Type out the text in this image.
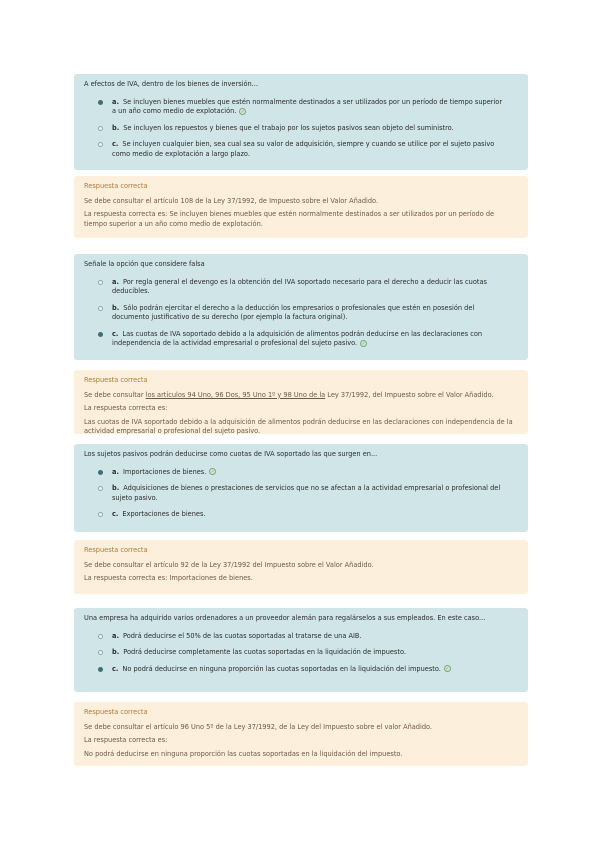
A efectos de IVA, dentro de los bienes de inversión...
a. Se incluyen bienes muebles que estén normalmente destinados a ser utilizados por un período de tiempo superior a un año como medio de explotación. ✓
b. Se incluyen los repuestos y bienes que el trabajo por los sujetos pasivos sean objeto del suministro.
c. Se incluyen cualquier bien, sea cual sea su valor de adquisición, siempre y cuando se utilice por el sujeto pasivo como medio de explotación a largo plazo.
Respuesta correcta

Se debe consultar el artículo 108 de la Ley 37/1992, de Impuesto sobre el Valor Añadido.

La respuesta correcta es: Se incluyen bienes muebles que estén normalmente destinados a ser utilizados por un período de tiempo superior a un año como medio de explotación.

Señale la opción que considere falsa
a. Por regla general el devengo es la obtención del IVA soportado necesario para el derecho a deducir las cuotas deducibles.
b. Sólo podrán ejercitar el derecho a la deducción los empresarios o profesionales que estén en posesión del documento justificativo de su derecho (por ejemplo la factura original).
c. Las cuotas de IVA soportado debido a la adquisición de alimentos podrán deducirse en las declaraciones con independencia de la actividad empresarial o profesional del sujeto pasivo. ✓
Respuesta correcta

Se debe consultar los artículos 94 Uno, 96 Dos, 95 Uno 1º y 98 Uno de la Ley 37/1992, del Impuesto sobre el Valor Añadido.

La respuesta correcta es:

Las cuotas de IVA soportado debido a la adquisición de alimentos podrán deducirse en las declaraciones con independencia de la actividad empresarial o profesional del sujeto pasivo.

Los sujetos pasivos podrán deducirse como cuotas de IVA soportado las que surgen en...
a. Importaciones de bienes. ✓
b. Adquisiciones de bienes o prestaciones de servicios que no se afectan a la actividad empresarial o profesional del sujeto pasivo.
c. Exportaciones de bienes.
Respuesta correcta

Se debe consultar el artículo 92 de la Ley 37/1992 del Impuesto sobre el Valor Añadido.

La respuesta correcta es: Importaciones de bienes.

Una empresa ha adquirido varios ordenadores a un proveedor alemán para regalárselos a sus empleados. En este caso...
a. Podrá deducirse el 50% de las cuotas soportadas al tratarse de una AIB.
b. Podrá deducirse completamente las cuotas soportadas en la liquidación de impuesto.
c. No podrá deducirse en ninguna proporción las cuotas soportadas en la liquidación del impuesto. ✓
Respuesta correcta

Se debe consultar el artículo 96 Uno 5º de la Ley 37/1992, de la Ley del Impuesto sobre el valor Añadido.

La respuesta correcta es:

No podrá deducirse en ninguna proporción las cuotas soportadas en la liquidación del impuesto.
